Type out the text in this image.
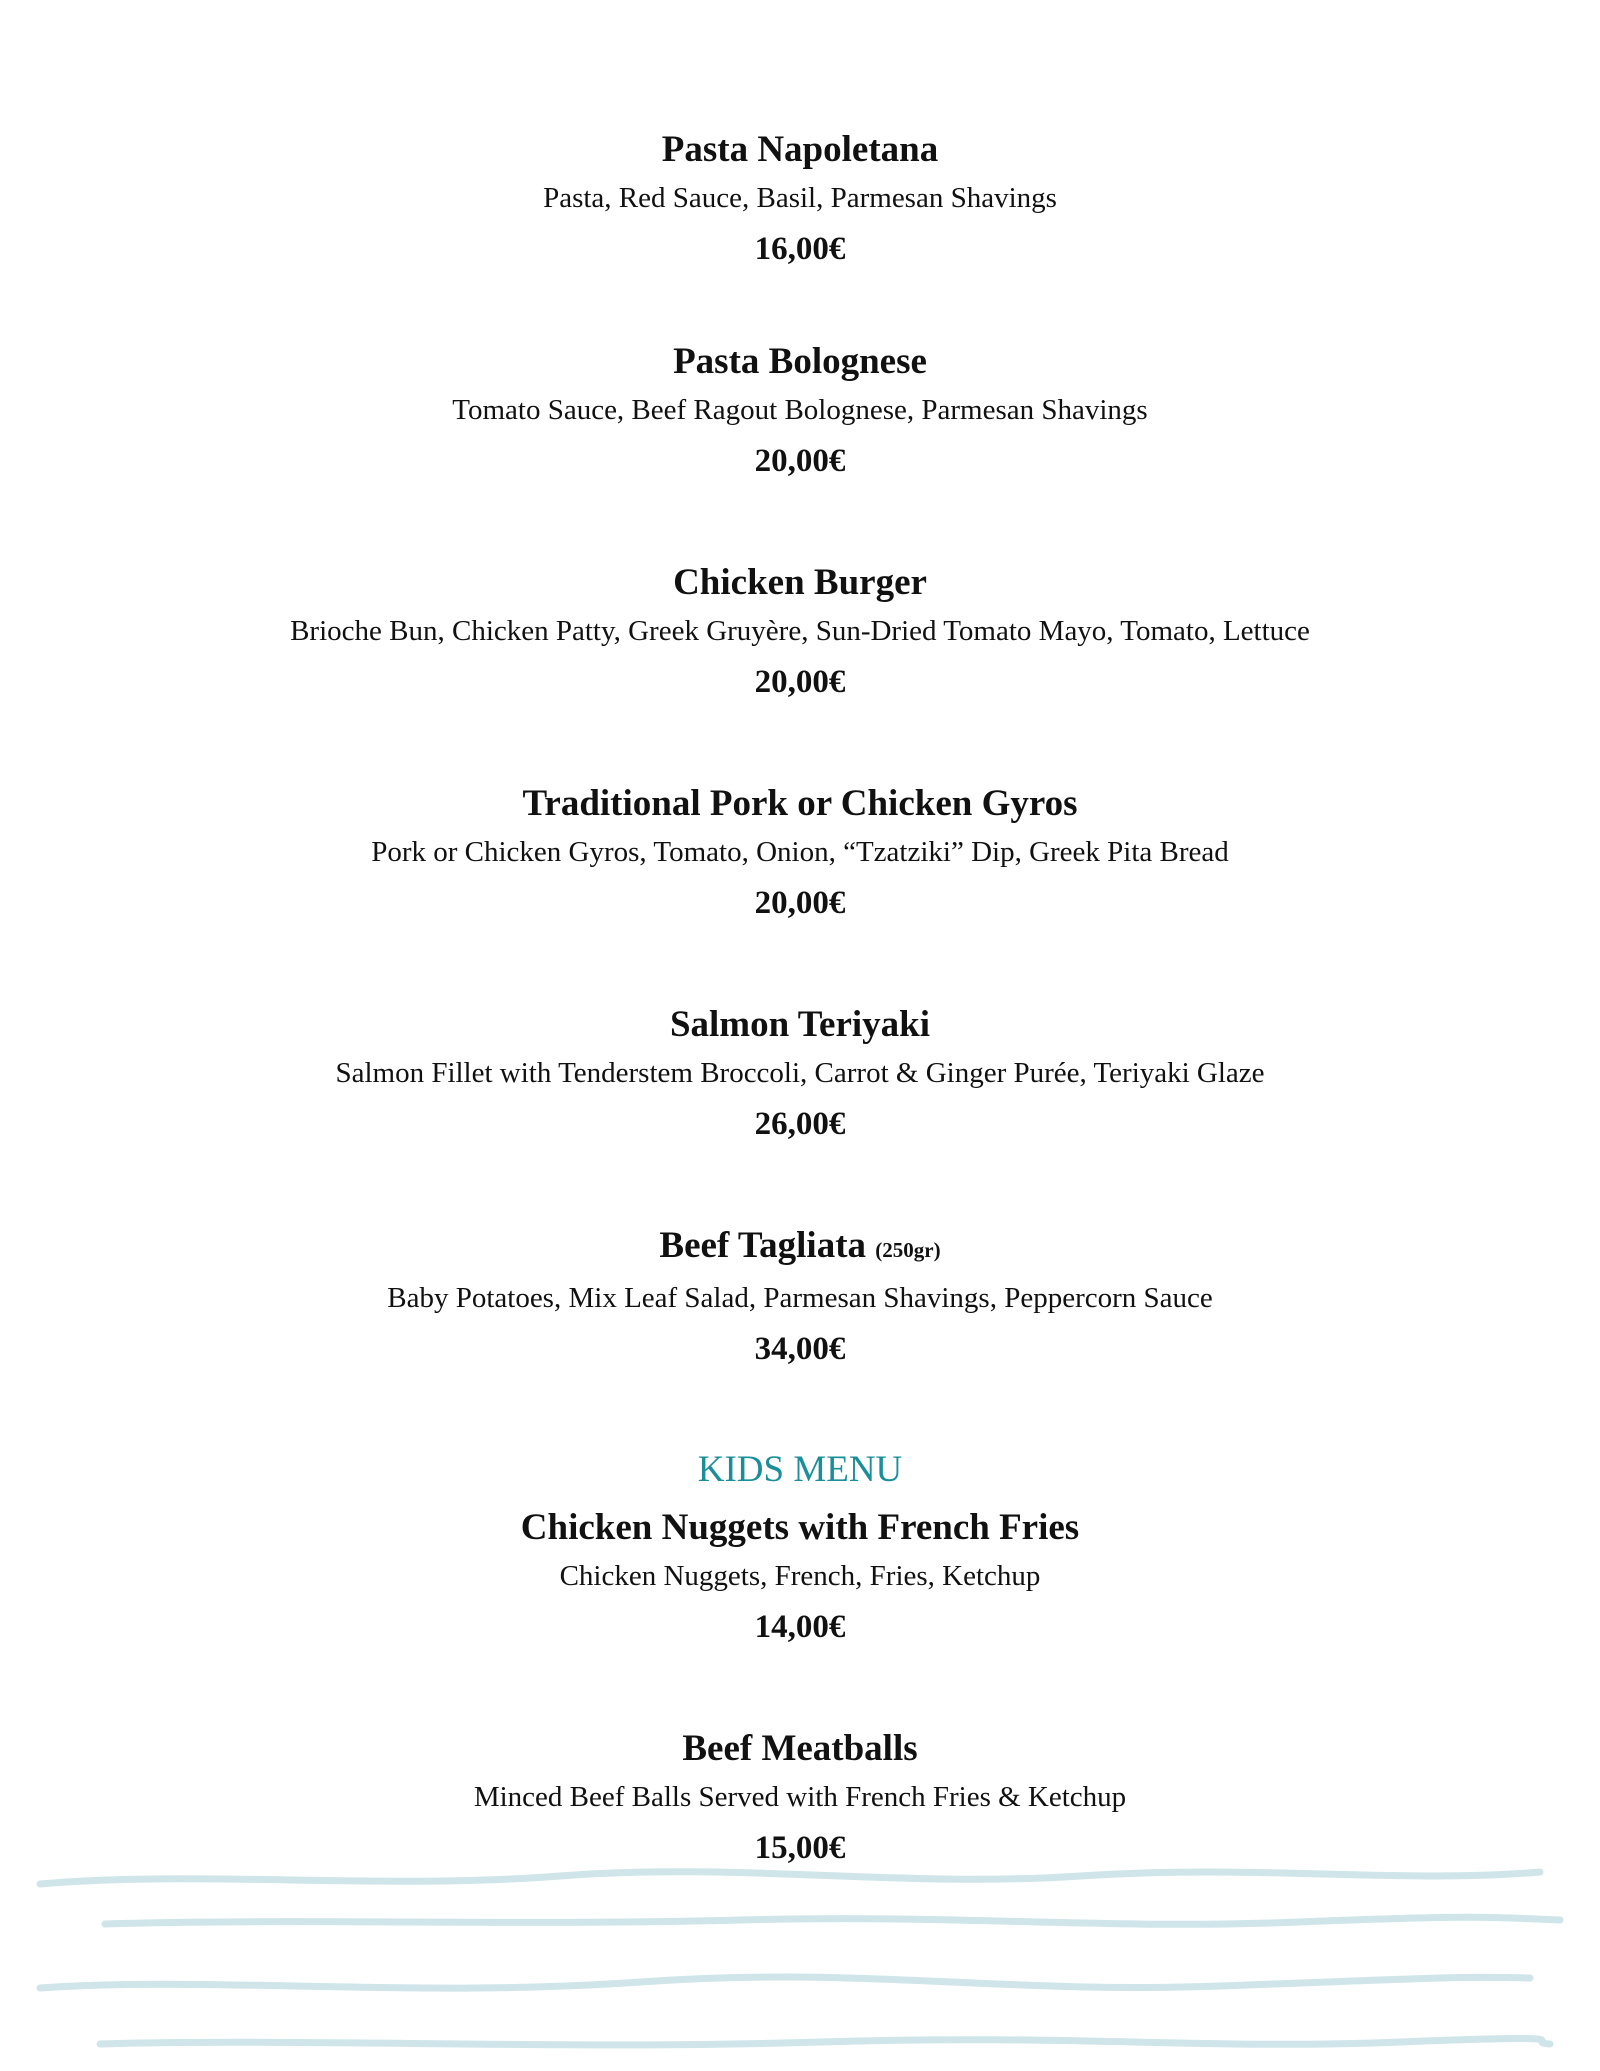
Pasta Napoletana

Pasta, Red Sauce, Basil, Parmesan Shavings

16,00€

Pasta Bolognese

Tomato Sauce, Beef Ragout Bolognese, Parmesan Shavings

20,00€

Chicken Burger

Brioche Bun, Chicken Patty, Greek Gruyère, Sun-Dried Tomato Mayo, Tomato, Lettuce

20,00€

Traditional Pork or Chicken Gyros

Pork or Chicken Gyros, Tomato, Onion, “Tzatziki” Dip, Greek Pita Bread

20,00€

Salmon Teriyaki

Salmon Fillet with Tenderstem Broccoli, Carrot & Ginger Purée, Teriyaki Glaze

26,00€

Beef Tagliata (250gr)

Baby Potatoes, Mix Leaf Salad, Parmesan Shavings, Peppercorn Sauce

34,00€

KIDS MENU

Chicken Nuggets with French Fries

Chicken Nuggets, French, Fries, Ketchup

14,00€

Beef Meatballs

Minced Beef Balls Served with French Fries & Ketchup

15,00€
